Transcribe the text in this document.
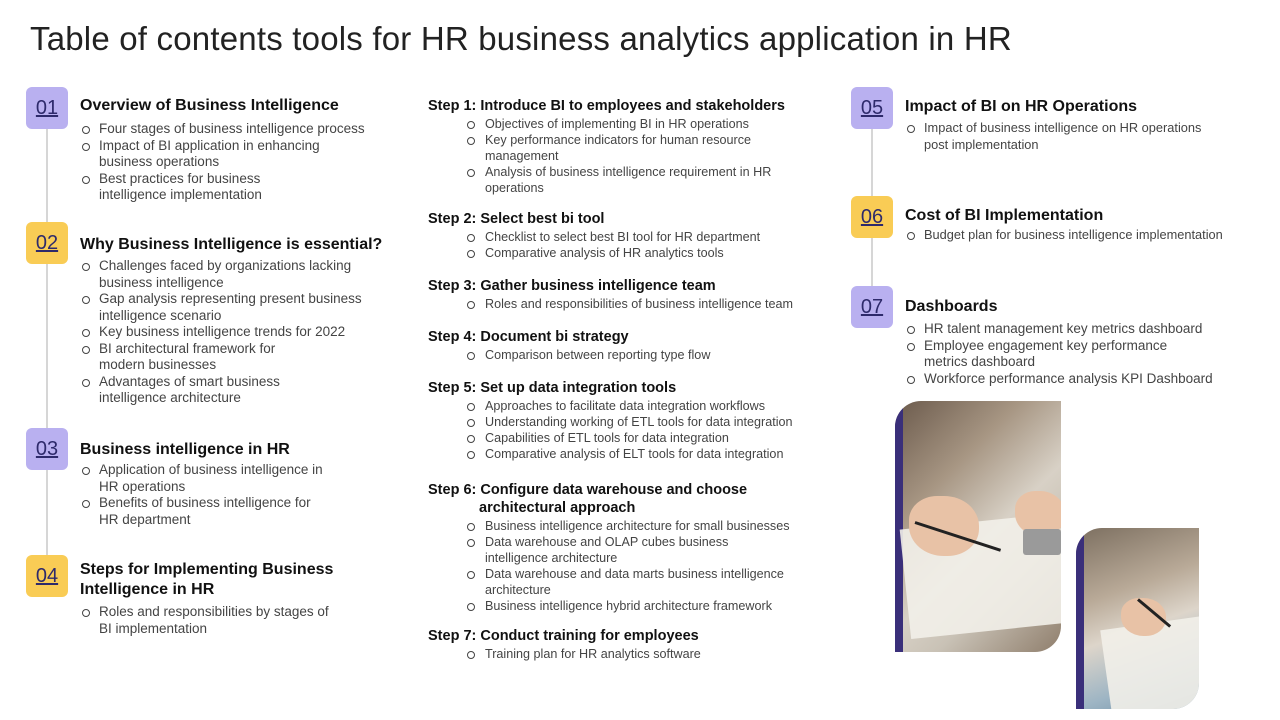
Table of contents tools for HR business analytics application in HR
01	Overview of Business Intelligence
Four stages of business intelligence process
Impact of BI application in enhancing business operations
Best practices for business intelligence implementation
02	Why Business Intelligence is essential?
Challenges faced by organizations lacking business intelligence
Gap analysis representing present business intelligence scenario
Key business intelligence trends for 2022
BI architectural framework for modern businesses
Advantages of smart business intelligence architecture
03	Business intelligence in HR
Application of business intelligence in HR operations
Benefits of business intelligence for HR department
04	Steps for Implementing Business Intelligence in HR
Roles and responsibilities by stages of BI implementation
Step 1: Introduce BI to employees and stakeholders
Objectives of implementing BI in HR operations
Key performance indicators for human resource management
Analysis of business intelligence requirement in HR operations
Step 2: Select best bi tool
Checklist to select best BI tool for HR department
Comparative analysis of HR analytics tools
Step 3: Gather business intelligence team
Roles and responsibilities of business intelligence team
Step 4: Document bi strategy
Comparison between reporting type flow
Step 5: Set up data integration tools
Approaches to facilitate data integration workflows
Understanding working of ETL tools for data integration
Capabilities of ETL tools for data integration
Comparative analysis of ELT tools for data integration
Step 6: Configure data warehouse and choose
architectural approach
Business intelligence architecture for small businesses
Data warehouse and OLAP cubes business intelligence architecture
Data warehouse and data marts business intelligence architecture
Business intelligence hybrid architecture framework
Step 7: Conduct training for employees
Training plan for HR analytics software
05	Impact of BI on HR Operations
Impact of business intelligence on HR operations post implementation
06	Cost of BI Implementation
Budget plan for business intelligence implementation
07	Dashboards
HR talent management key metrics dashboard
Employee engagement key performance metrics dashboard
Workforce performance analysis KPI Dashboard
